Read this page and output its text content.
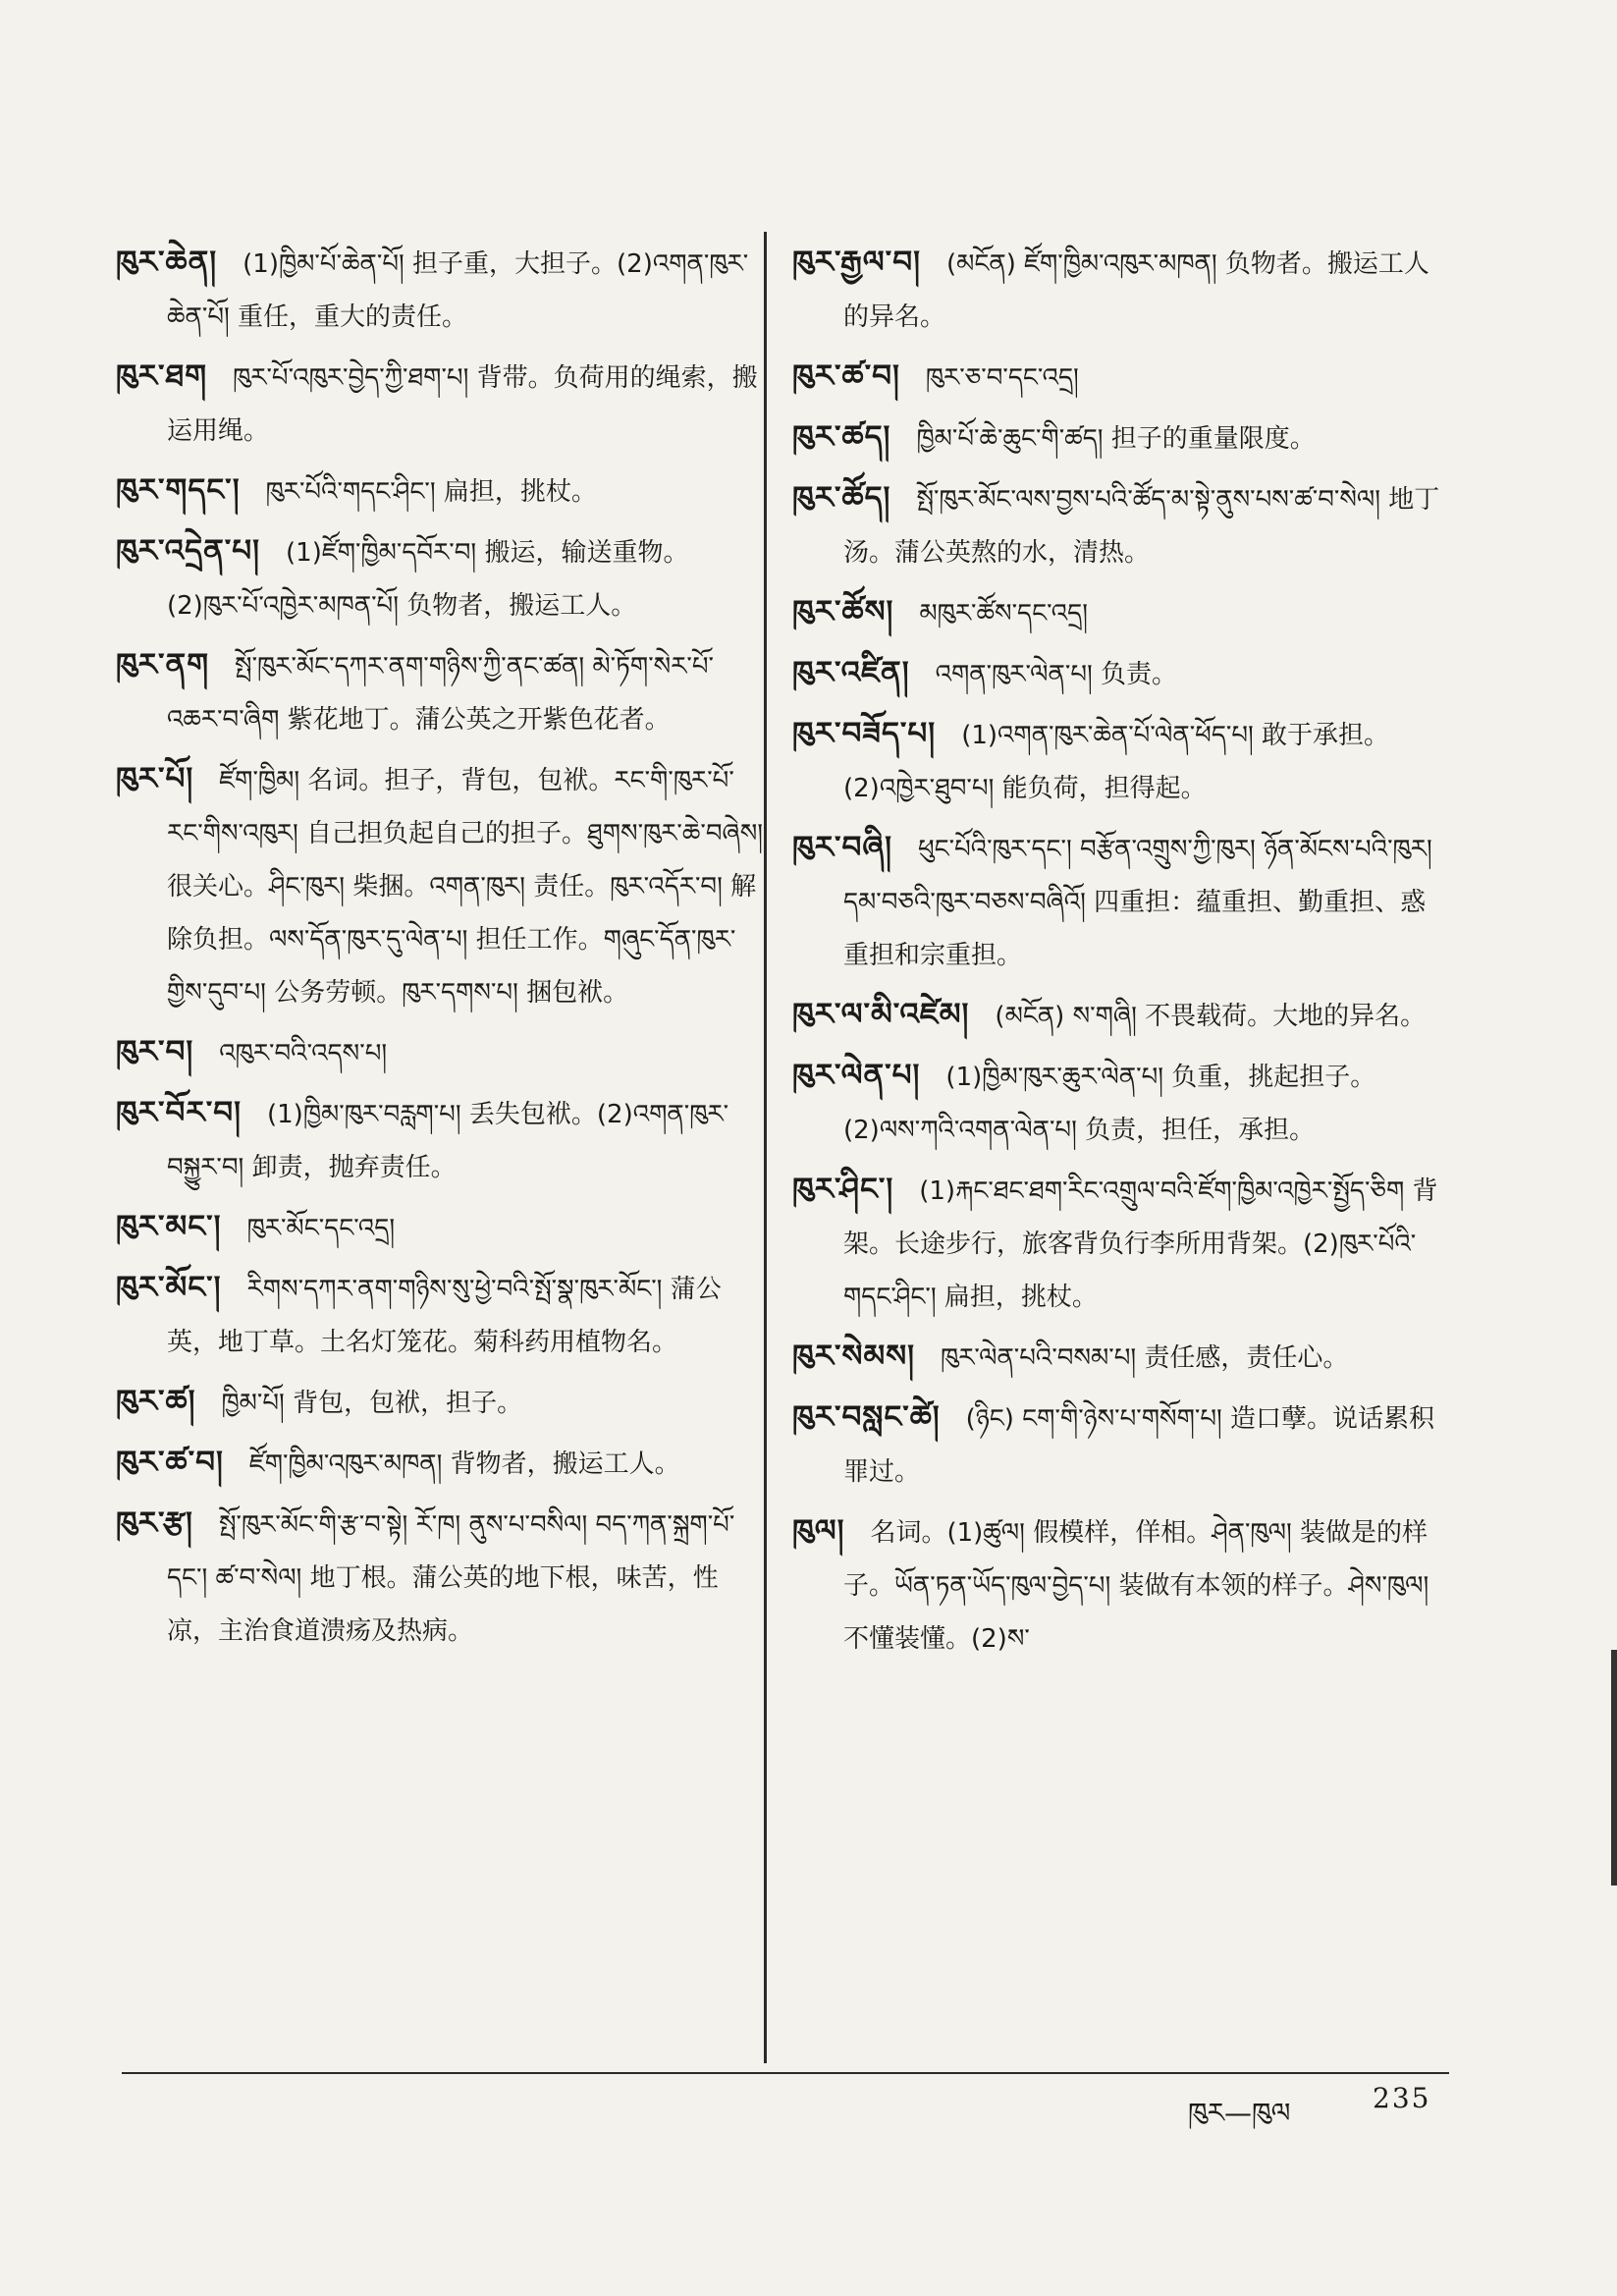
ཁུར་ཆེན། (1)ཁྱིམ་པོ་ཆེན་པོ། 担子重，大担子。(2)འགན་ཁུར་ཆེན་པོ། 重任，重大的责任。
ཁུར་ཐག ཁུར་པོ་འཁུར་བྱེད་ཀྱི་ཐག་པ། 背带。负荷用的绳索，搬运用绳。
ཁུར་གདང་། ཁུར་པོའི་གདང་ཤིང་། 扁担，挑杖。
ཁུར་འདྲེན་པ། (1)ཛོག་ཁྱིམ་དབོར་བ། 搬运，输送重物。(2)ཁུར་པོ་འཁྱེར་མཁན་པོ། 负物者，搬运工人。
ཁུར་ནག སྤོ་ཁུར་མོང་དཀར་ནག་གཉིས་ཀྱི་ནང་ཚན། མེ་ཏོག་སེར་པོ་འཆར་བ་ཞིག 紫花地丁。蒲公英之开紫色花者。
ཁུར་པོ། ཛོག་ཁྱིམ། 名词。担子，背包，包袱。རང་གི་ཁུར་པོ་རང་གིས་འཁུར། 自己担负起自己的担子。ཐུགས་ཁུར་ཆེ་བཞེས། 很关心。ཤིང་ཁུར། 柴捆。འགན་ཁུར། 责任。ཁུར་འདོར་བ། 解除负担。ལས་དོན་ཁུར་དུ་ལེན་པ། 担任工作。གཞུང་དོན་ཁུར་གྱིས་དུབ་པ། 公务劳顿。ཁུར་དགས་པ། 捆包袱。
ཁུར་བ། འཁུར་བའི་འདས་པ།
ཁུར་བོར་བ། (1)ཁྱིམ་ཁུར་བརླག་པ། 丢失包袱。(2)འགན་ཁུར་བསྐྱུར་བ། 卸责，抛弃责任。
ཁུར་མང་། ཁུར་མོང་དང་འདྲ།
ཁུར་མོང་། རིགས་དཀར་ནག་གཉིས་སུ་ཕྱེ་བའི་སྤོ་སྣ་ཁུར་མོང་། 蒲公英，地丁草。土名灯笼花。菊科药用植物名。
ཁུར་ཚ། ཁྱིམ་པོ། 背包，包袱，担子。
ཁུར་ཚ་བ། ཛོག་ཁྱིམ་འཁུར་མཁན། 背物者，搬运工人。
ཁུར་རྩ། སྤོ་ཁུར་མོང་གི་རྩ་བ་སྟེ། རོ་ཁ། ནུས་པ་བསིལ། བད་ཀན་སྐྲག་པོ་དང་། ཚ་བ་སེལ། 地丁根。蒲公英的地下根，味苦，性凉，主治食道溃疡及热病。
ཁུར་རྒྱལ་བ། (མངོན) ཛོག་ཁྱིམ་འཁུར་མཁན། 负物者。搬运工人的异名。
ཁུར་ཚ་བ། ཁུར་ཅ་བ་དང་འདྲ།
ཁུར་ཚད། ཁྱིམ་པོ་ཆེ་ཆུང་གི་ཚད། 担子的重量限度。
ཁུར་ཚོད། སྤོ་ཁུར་མོང་ལས་བྱས་པའི་ཚོད་མ་སྟེ་ནུས་པས་ཚ་བ་སེལ། 地丁汤。蒲公英熬的水，清热。
ཁུར་ཚོས། མཁུར་ཚོས་དང་འདྲ།
ཁུར་འཛིན། འགན་ཁུར་ལེན་པ། 负责。
ཁུར་བཟོད་པ། (1)འགན་ཁུར་ཆེན་པོ་ལེན་ཕོད་པ། 敢于承担。(2)འཁྱེར་ཐུབ་པ། 能负荷，担得起。
ཁུར་བཞི། ཕུང་པོའི་ཁུར་དང་། བརྩོན་འགྲུས་ཀྱི་ཁུར། ཉོན་མོངས་པའི་ཁུར། དམ་བཅའི་ཁུར་བཅས་བཞིའོ། 四重担：蕴重担、勤重担、惑重担和宗重担。
ཁུར་ལ་མི་འཛེམ། (མངོན) ས་གཞི། 不畏载荷。大地的异名。
ཁུར་ལེན་པ། (1)ཁྱིམ་ཁུར་ཆུར་ལེན་པ། 负重，挑起担子。(2)ལས་ཀའི་འགན་ལེན་པ། 负责，担任，承担。
ཁུར་ཤིང་། (1)རྐང་ཐང་ཐག་རིང་འགྲུལ་བའི་ཛོག་ཁྱིམ་འཁྱེར་སྤྱོད་ཅིག 背架。长途步行，旅客背负行李所用背架。(2)ཁུར་པོའི་གདང་ཤིང་། 扁担，挑杖。
ཁུར་སེམས། ཁུར་ལེན་པའི་བསམ་པ། 责任感，责任心。
ཁུར་བསླང་ཚེ། (ཉིང) ངག་གི་ཉེས་པ་གསོག་པ། 造口孽。说话累积罪过。
ཁུལ། 名词。(1)ཚུལ། 假模样，佯相。ཤེན་ཁུལ། 装做是的样子。ཡོན་ཏན་ཡོད་ཁུལ་བྱེད་པ། 装做有本领的样子。ཤེས་ཁུལ། 不懂装懂。(2)ས་
ཁུར—ཁུལ	235
